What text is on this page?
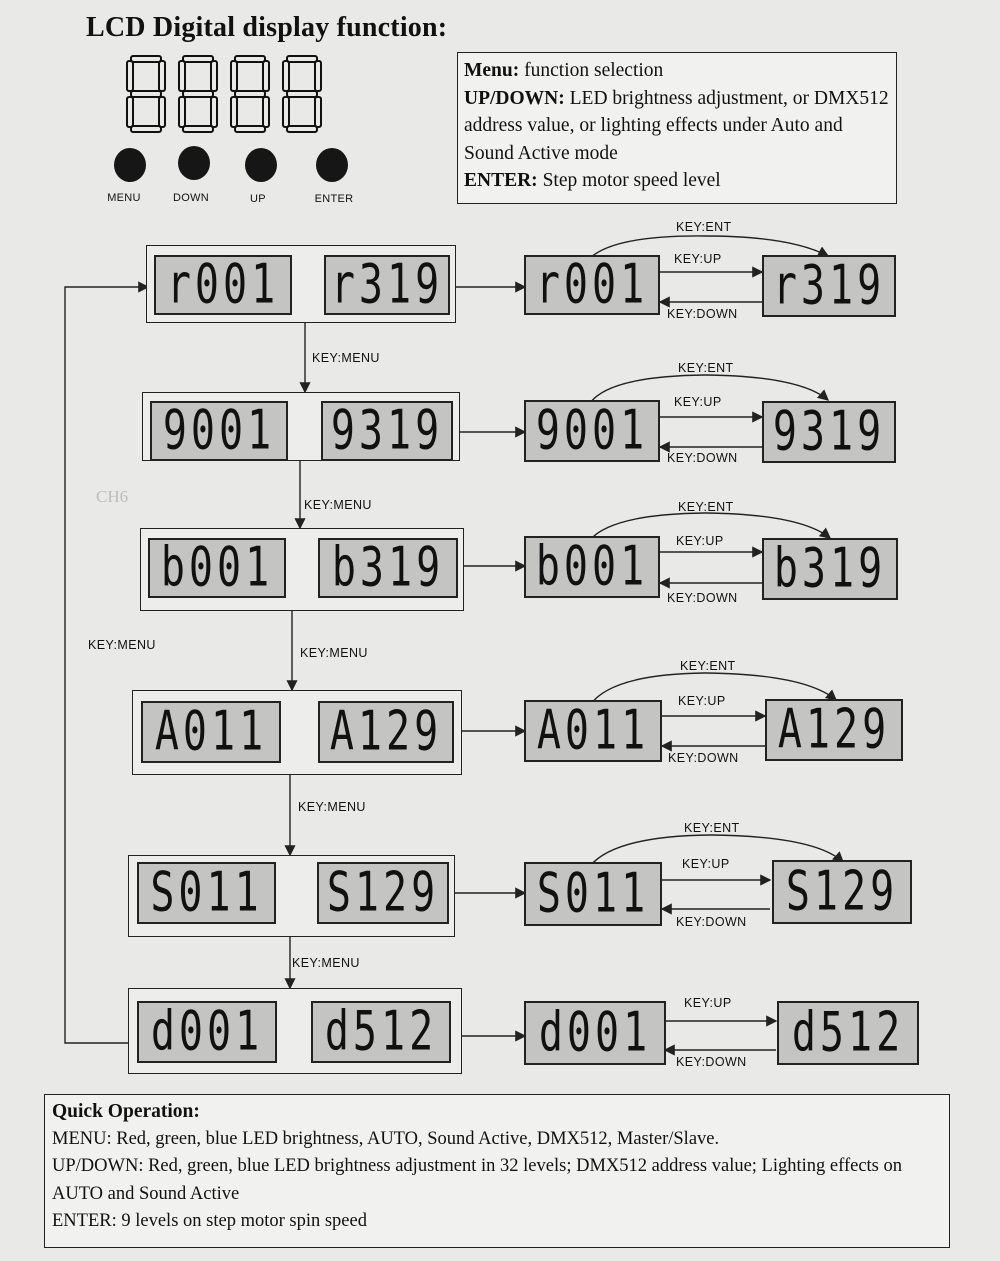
CH6
LCD Digital display function:
MENU	DOWN	UP	ENTER
Menu: function selection
UP/DOWN: LED brightness adjustment, or DMX512 address value, or lighting effects under Auto and Sound Active mode
ENTER: Step motor speed level
r001 r319 r001	r319
KEY:ENT
KEY:UP
KEY:DOWN
KEY:MENU
9001 9319 9001	9319
KEY:ENT
KEY:UP
KEY:DOWN
KEY:MENU
b001 b319 b001	b319
KEY:ENT
KEY:UP
KEY:DOWN
KEY:MENU
KEY:MENU
A011 A129 A011	A129
KEY:ENT
KEY:UP
KEY:DOWN
KEY:MENU
S011 S129 S011	S129
KEY:ENT
KEY:UP
KEY:DOWN
KEY:MENU
d001 d512	d001	d512
KEY:UP
KEY:DOWN
Quick Operation:
MENU: Red, green, blue LED brightness, AUTO, Sound Active, DMX512, Master/Slave.
UP/DOWN: Red, green, blue LED brightness adjustment in 32 levels; DMX512 address value; Lighting effects on AUTO and Sound Active
ENTER: 9 levels on step motor spin speed
